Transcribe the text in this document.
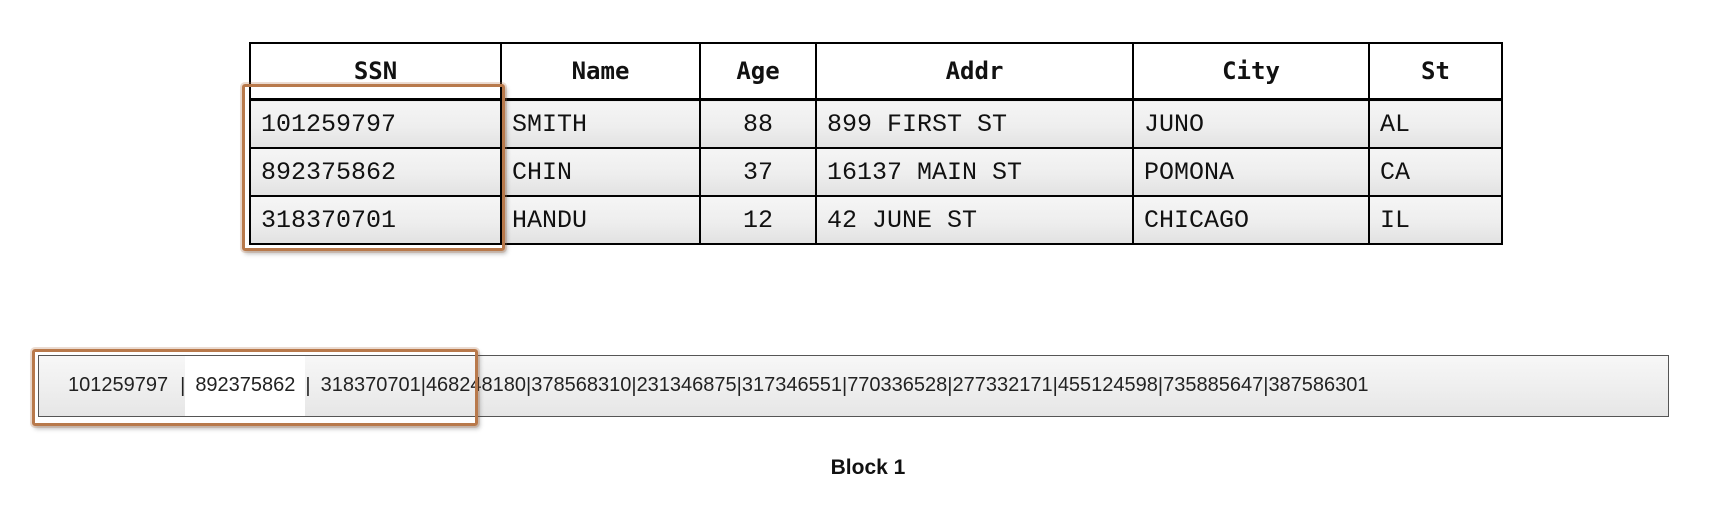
SSN	Name	Age	Addr	City	St
101259797	SMITH	88	899 FIRST ST	JUNO	AL
892375862	CHIN	37	16137 MAIN ST	POMONA	CA
318370701	HANDU	12	42 JUNE ST	CHICAGO	IL
101259797 | 892375862 | 318370701 | 468248180 | 378568310 | 231346875 | 317346551 | 770336528 | 277332171 | 455124598 | 735885647 | 387586301
Block 1
